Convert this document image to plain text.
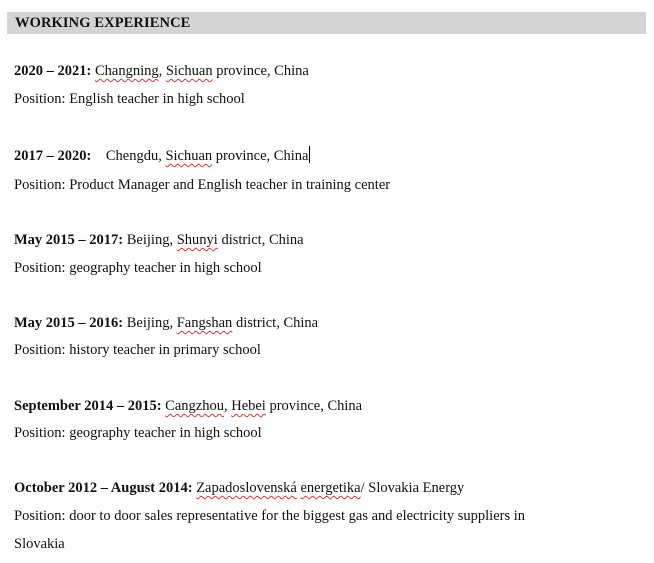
WORKING EXPERIENCE
2020 – 2021: Changning, Sichuan province, China
Position: English teacher in high school
2017 – 2020:    Chengdu, Sichuan province, China
Position: Product Manager and English teacher in training center
May 2015 – 2017: Beijing, Shunyi district, China
Position: geography teacher in high school
May 2015 – 2016: Beijing, Fangshan district, China
Position: history teacher in primary school
September 2014 – 2015: Cangzhou, Hebei province, China
Position: geography teacher in high school
October 2012 – August 2014: Zapadoslovenská energetika/ Slovakia Energy
Position: door to door sales representative for the biggest gas and electricity suppliers in
Slovakia
